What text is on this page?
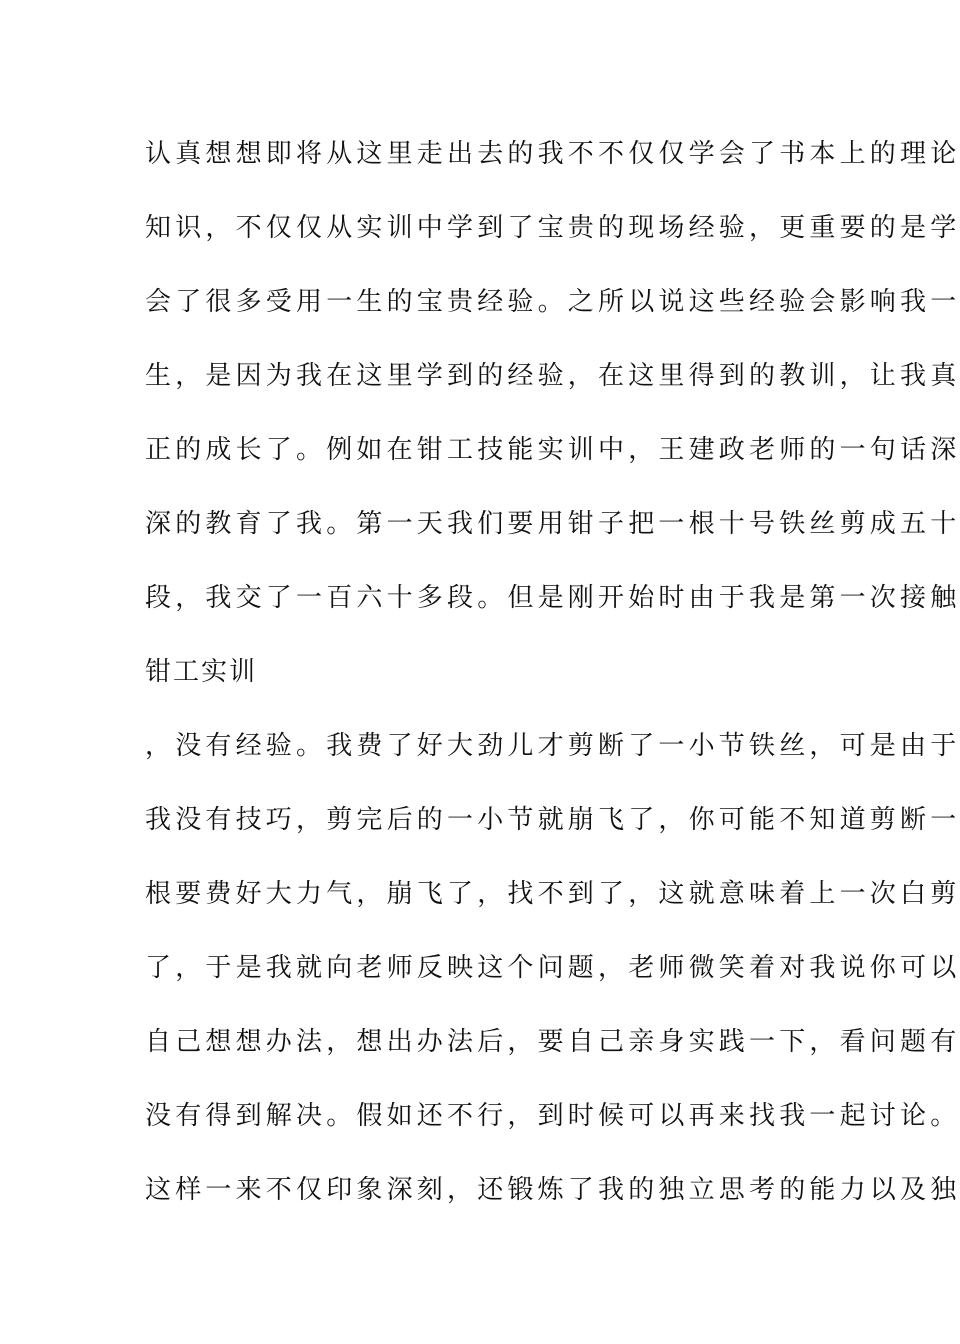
认真想想即将从这里走出去的我不不仅仅学会了书本上的理论
知识，不仅仅从实训中学到了宝贵的现场经验，更重要的是学
会了很多受用一生的宝贵经验。之所以说这些经验会影响我一
生，是因为我在这里学到的经验，在这里得到的教训，让我真
正的成长了。例如在钳工技能实训中，王建政老师的一句话深
深的教育了我。第一天我们要用钳子把一根十号铁丝剪成五十
段，我交了一百六十多段。但是刚开始时由于我是第一次接触
钳工实训
，没有经验。我费了好大劲儿才剪断了一小节铁丝，可是由于
我没有技巧，剪完后的一小节就崩飞了，你可能不知道剪断一
根要费好大力气，崩飞了，找不到了，这就意味着上一次白剪
了，于是我就向老师反映这个问题，老师微笑着对我说你可以
自己想想办法，想出办法后，要自己亲身实践一下，看问题有
没有得到解决。假如还不行，到时候可以再来找我一起讨论。
这样一来不仅印象深刻，还锻炼了我的独立思考的能力以及独
